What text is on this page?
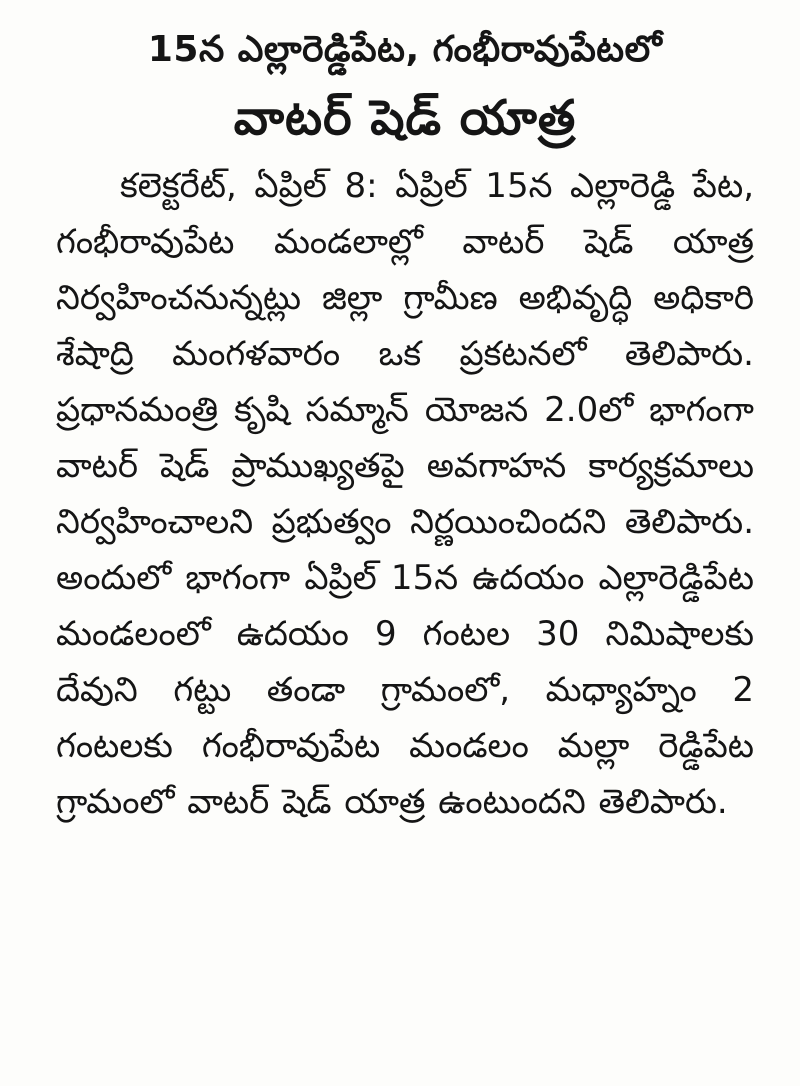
15న ఎల్లారెడ్డిపేట, గంభీరావుపేటలో
వాటర్ షెడ్ యాత్ర

కలెక్టరేట్, ఏప్రిల్ 8: ఏప్రిల్ 15న ఎల్లారెడ్డి పేట, గంభీరావుపేట మండలాల్లో వాటర్ షెడ్ యాత్ర నిర్వహించనున్నట్లు జిల్లా గ్రామీణ అభివృద్ధి అధికారి శేషాద్రి మంగళవారం ఒక ప్రకటనలో తెలిపారు. ప్రధానమంత్రి కృషి సమ్మాన్ యోజన 2.0లో భాగంగా వాటర్ షెడ్ ప్రాముఖ్యతపై అవగాహన కార్యక్రమాలు నిర్వహించాలని ప్రభుత్వం నిర్ణయించిందని తెలిపారు. అందులో భాగంగా ఏప్రిల్ 15న ఉదయం ఎల్లారెడ్డిపేట మండలంలో ఉదయం 9 గంటల 30 నిమిషాలకు దేవుని గట్టు తండా గ్రామంలో, మధ్యాహ్నం 2 గంటలకు గంభీరావుపేట మండలం మల్లా రెడ్డిపేట గ్రామంలో వాటర్ షెడ్ యాత్ర ఉంటుందని తెలిపారు.
